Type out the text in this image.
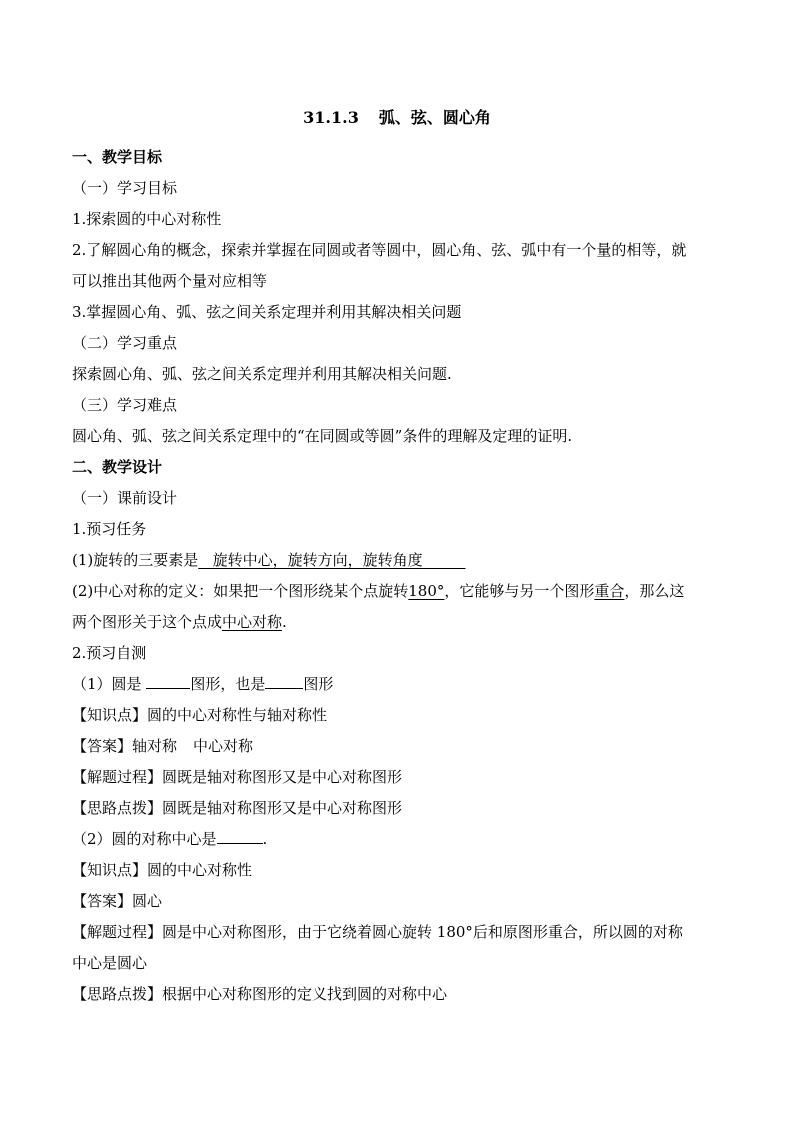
31.1.3 弧、弦、圆心角
一、教学目标
（一）学习目标
1.探索圆的中心对称性
2.了解圆心角的概念，探索并掌握在同圆或者等圆中，圆心角、弦、弧中有一个量的相等，就
可以推出其他两个量对应相等
3.掌握圆心角、弧、弦之间关系定理并利用其解决相关问题
（二）学习重点
探索圆心角、弧、弦之间关系定理并利用其解决相关问题.
（三）学习难点
圆心角、弧、弦之间关系定理中的“在同圆或等圆”条件的理解及定理的证明.
二、教学设计
（一）课前设计
1.预习任务
(1)旋转的三要素是 旋转中心，旋转方向，旋转角度
(2)中心对称的定义：如果把一个图形绕某个点旋转180°，它能够与另一个图形重合，那么这
两个图形关于这个点成中心对称.
2.预习自测
（1）圆是	图形，也是	图形
【知识点】圆的中心对称性与轴对称性
【答案】轴对称 中心对称
【解题过程】圆既是轴对称图形又是中心对称图形
【思路点拨】圆既是轴对称图形又是中心对称图形
（2）圆的对称中心是	.
【知识点】圆的中心对称性
【答案】圆心
【解题过程】圆是中心对称图形，由于它绕着圆心旋转 180°后和原图形重合，所以圆的对称
中心是圆心
【思路点拨】根据中心对称图形的定义找到圆的对称中心
